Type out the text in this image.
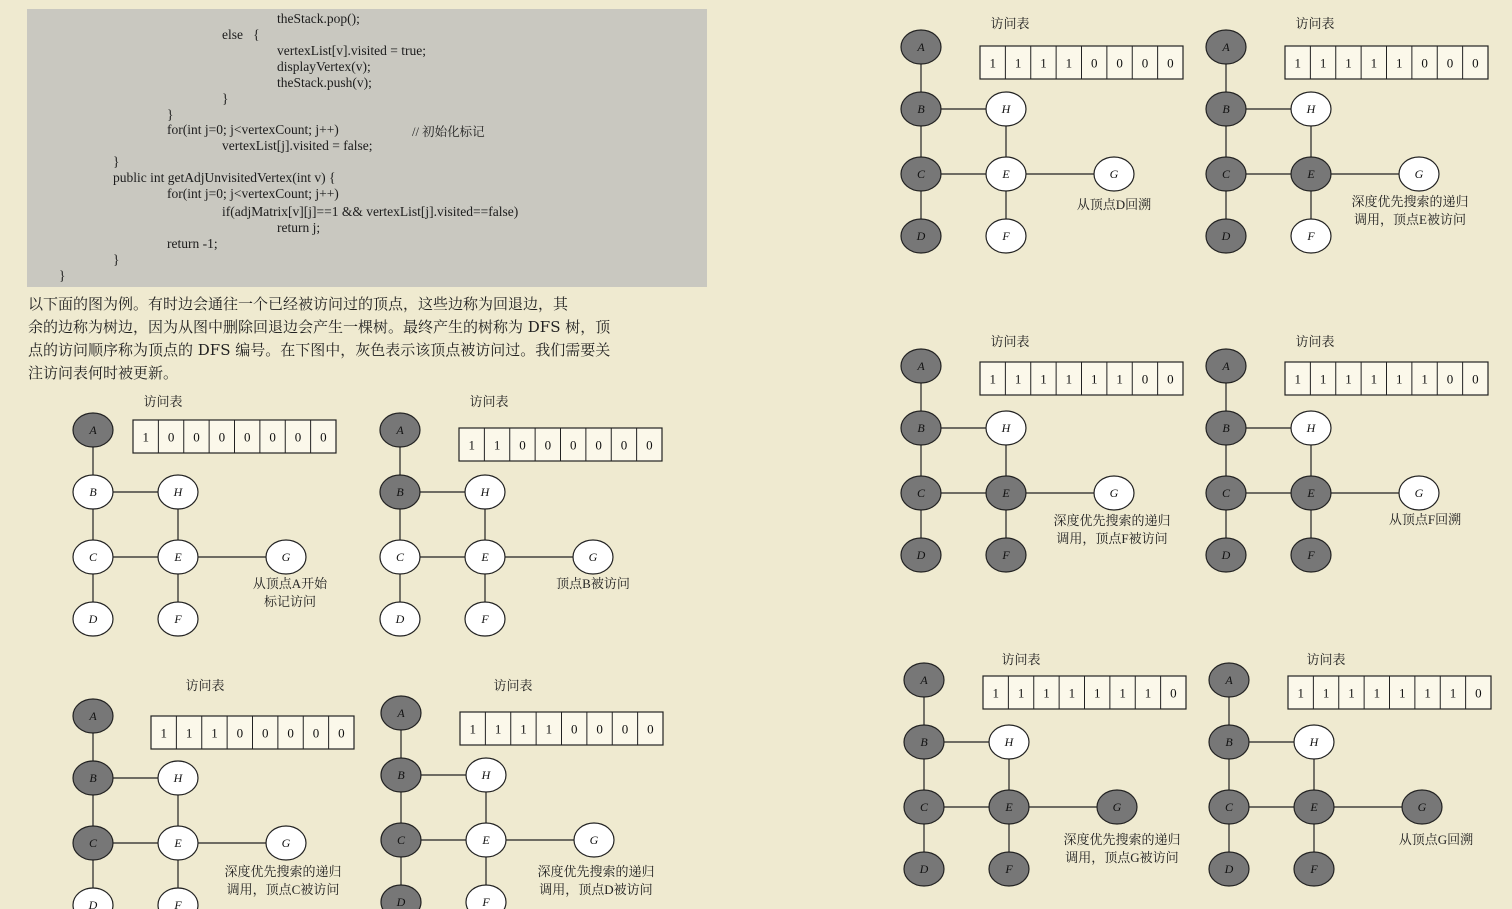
theStack.pop();
else   {
vertexList[v].visited = true;
displayVertex(v);
theStack.push(v);
}
}
for(int j=0; j<vertexCount; j++)	// 初始化标记
vertexList[j].visited = false;
}
public int getAdjUnvisitedVertex(int v) {
for(int j=0; j<vertexCount; j++)
if(adjMatrix[v][j]==1 && vertexList[j].visited==false)
return j;
return -1;
}
}
以下面的图为例。有时边会通往一个已经被访问过的顶点，这些边称为回退边，其
余的边称为树边，因为从图中删除回退边会产生一棵树。最终产生的树称为 DFS 树，顶
点的访问顺序称为顶点的 DFS 编号。在下图中，灰色表示该顶点被访问过。我们需要关
注访问表何时被更新。
A
B
C
D
E
F
G
H
访问表
1 0 0 0 0 0 0 0
从顶点A开始
标记访问
A
B
C
D
E
F
G
H
访问表
1 1 0 0 0 0 0 0
顶点B被访问
A
B
C
D
E
F
G
H
访问表
1 1 1 0 0 0 0 0
深度优先搜索的递归
调用，顶点C被访问
A
B
C
D
E
F
G
H
访问表
1 1 1 1 0 0 0 0
深度优先搜索的递归
调用，顶点D被访问
A
B
C
D
E
F
G
H
访问表
1 1 1 1 0 0 0 0
从顶点D回溯
A
B
C
D
E
F
G
H
访问表
1 1 1 1 1 0 0 0
深度优先搜索的递归
调用，顶点E被访问
A
B
C
D
E
F
G
H
访问表
1 1 1 1 1 1 0 0
深度优先搜索的递归
调用，顶点F被访问
A
B
C
D
E
F
G
H
访问表
1 1 1 1 1 1 0 0
从顶点F回溯
A
B
C
D
E
F
G
H
访问表
1 1 1 1 1 1 1 0
深度优先搜索的递归
调用，顶点G被访问
A
B
C
D
E
F
G
H
访问表
1 1 1 1 1 1 1 0
从顶点G回溯
